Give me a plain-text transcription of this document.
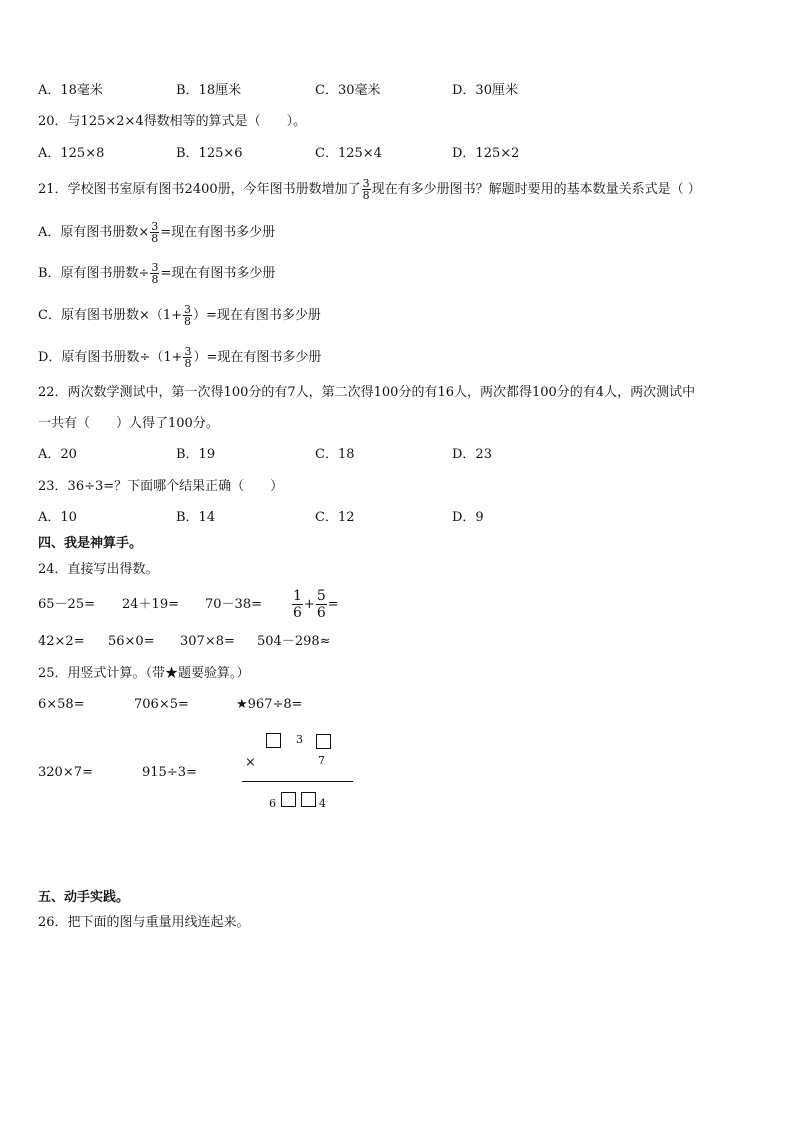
A．18毫米	B．18厘米	C．30毫米	D．30厘米
20．与125×2×4得数相等的算式是（　　）。
A．125×8	B．125×6	C．125×4	D．125×2
21．学校图书室原有图书2400册，今年图书册数增加了 $\frac{3}{8}$ 现在有多少册图书？解题时要用的基本数量关系式是（ ）
A．原有图书册数× $\frac{3}{8}$ =现在有图书多少册
B．原有图书册数÷ $\frac{3}{8}$ =现在有图书多少册
C．原有图书册数$\times(1+ \frac{3}{8}$ ）=现在有图书多少册
D．原有图书册数$\div(1+ \frac{3}{8}$ ）=现在有图书多少册
22．两次数学测试中，第一次得100分的有7人，第二次得100分的有16人，两次都得100分的有4人，两次测试中
一共有（　　）人得了100分。
A．20	B．19	C．18	D．23
23．36÷3=？下面哪个结果正确（　　）
A．10	B．14	C．12	D．9
四、我是神算手。
24．直接写出得数。
$65-25= 24+19= 70-38= \frac{1}{6} + \frac{5}{6}$ =
42×2= 56×0= 307×8= 504－298≈
25．用竖式计算。（带★题要验算。）
6×58=	706×5=	★967÷8=
320×7=	915÷3=
3
×	7
6	4
五、动手实践。
26．把下面的图与重量用线连起来。
